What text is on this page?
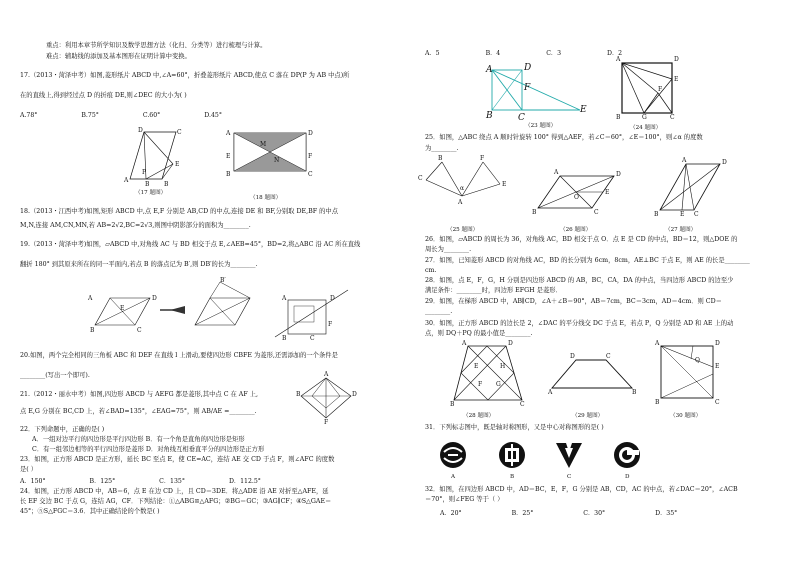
重点：利用本章节所学知识及数学思想方法（化归、分类等）进行梳理与计算。
难点：辅助线的添加及基本图形在证明计算中变换。
17.（2013・菏泽中考）如图,菱形纸片 ABCD 中,∠A=60°，折叠菱形纸片 ABCD,使点 C 落在 DP(P 为 AB 中点)所
在的直线上,得到经过点 D 的折痕 DE,则∠DEC 的大小为( )
A.78°	B.75°	C.60°	D.45°
D	C
A
P
B B
E
（17 题图）
A	D
E	F
B	C
M
N
（18 题图）
18.（2013・江西中考)如图,矩形 ABCD 中,点 E,F 分别是 AB,CD 的中点,连接 DE 和 BF,分别取 DE,BF 的中点
M,N,连接 AM,CN,MN,若 AB=2√2,BC=2√3,则图中阴影部分的面积为________.
19.（2013・菏泽中考)如图，▱ABCD 中,对角线 AC 与 BD 相交于点 E,∠AEB=45°，BD=2,将△ABC 沿 AC 所在直线
翻折 180° 到其原来所在的同一平面内,若点 B 的落点记为 B′,则 DB′的长为________.
A
B	C
D
E
B′
A	D
B	C
F
20.如图，两个完全相同的三角板 ABC 和 DEF 在直线 l 上滑动,要使四边形 CBFE 为菱形,还需添加的一个条件是
________(写出一个即可).
21.（2012・丽水中考）如图,四边形 ABCD 与 AEFG 都是菱形,其中点 C 在 AF 上,
点 E,G 分别在 BC,CD 上，若∠BAD=135°，∠EAG=75°，则 AB/AE =________.
A
B	D
F
22．下列命题中，正确的是( )
A．一组对边平行的四边形是平行四边形 B．有一个角是直角的四边形是矩形
C．有一组邻边相等的平行四边形是菱形 D．对角线互相垂直平分的四边形是正方形
23．如图，正方形 ABCD 是正方形，延长 BC 至点 E，使 CE=AC，连结 AE 交 CD 于点 F，则∠AFC 的度数
是( ）
A．150°	B．125°	C．135°	D．112.5°
24．如图，正方形 ABCD 中，AB＝6，点 E 在边 CD 上，且 CD＝3DE．将△ADE 沿 AE 对折至△AFE，延
长 EF 交边 BC 于点 G，连结 AG，CF．下列结论：①△ABG≌△AFG；②BG＝GC；③AG∥CF；④S△GAE＝
45°；⑤S△FGC＝3.6．其中正确结论的个数是( )
A．5	B．4	C．3	D．2
A	D
F
B	C
E
（23 题图）
A	D
E
F
B	G	C
（24 题图）
25．如图，△ABC 绕点 A 顺时针旋转 100° 得到△AEF，若∠C＝60°，∠E＝100°，则∠α 的度数
为________.
C
B
A
F
E
α
（25 题图）
A	D
B	C
O
E
（26 题图）
A	D
B	E C
（27 题图）
26．如图，▱ABCD 的周长为 36，对角线 AC，BD 相交于点 O．点 E 是 CD 的中点，BD＝12，则△DOE 的
周长为________.
27．如图，已知菱形 ABCD 的对角线 AC，BD 的长分别为 6cm，8cm，AE⊥BC 于点 E，则 AE 的长是________
cm.
28．如图，点 E，F，G，H 分别是四边形 ABCD 的 AB，BC，CA，DA 的中点，当四边形 ABCD 的边至少
满足条件：________时，四边形 EFGH 是菱形．
29．如图，在梯形 ABCD 中，AB∥CD，∠A＋∠B＝90°，AB＝7cm，BC＝3cm，AD＝4cm．则 CD＝
________.
30．如图，正方形 ABCD 的边长是 2，∠DAC 的平分线交 DC 于点 E，若点 P，Q 分别是 AD 和 AE 上的动
点，则 DQ＋PQ 的最小值是________.
A	D
B	C
E
F
H
G
（28 题图）
D	C
A	B
（29 题图）
A	D
E
Q
B	C
（30 题图）
31．下列标志图中，既是轴对称图形，又是中心对称图形的是( )
A	B	C	D
32．如图，在四边形 ABCD 中，AD＝BC，E，F，G 分别是 AB，CD，AC 的中点，若∠DAC＝20°，∠ACB
＝70°，则∠FEG 等于（ ）
A．20°	B．25°	C．30°	D．35°
